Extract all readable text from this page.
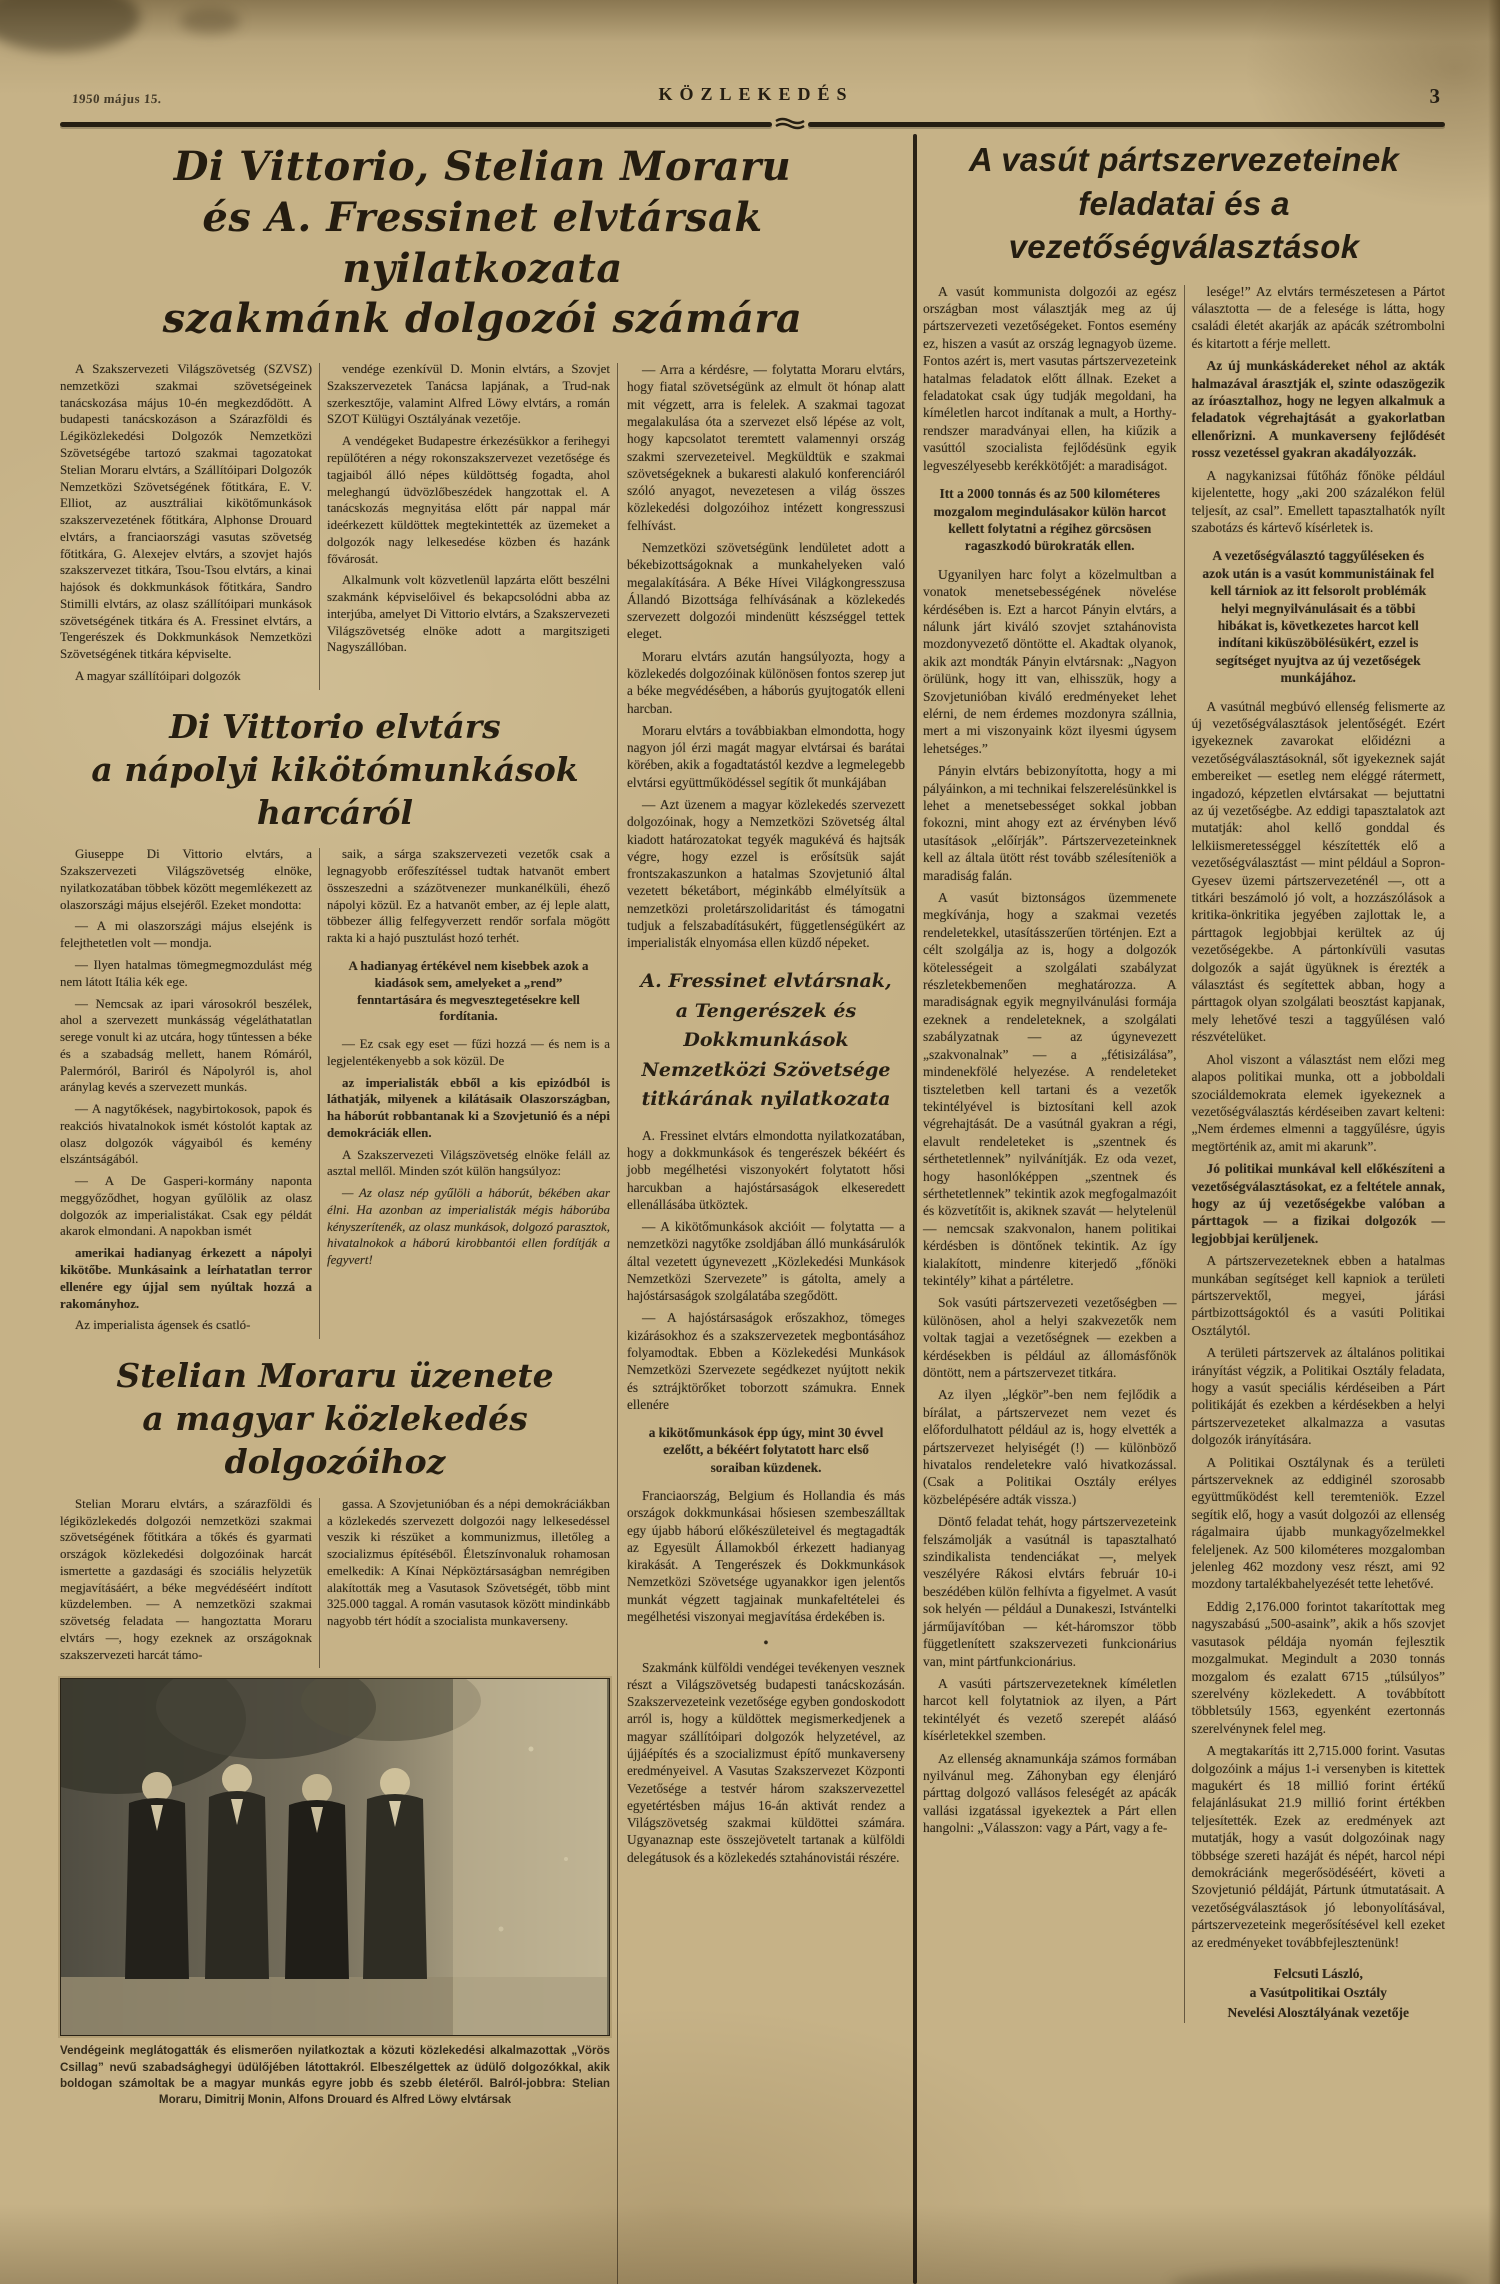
1950 május 15.	KÖZLEKEDÉS	3
Di Vittorio, Stelian Moraru
és A. Fressinet elvtársak nyilatkozata
szakmánk dolgozói számára

A Szakszervezeti Világszövetség (SZVSZ) nemzetközi szakmai szövetségeinek tanácskozása május 10-én megkezdődött. A budapesti tanácskozáson a Szárazföldi és Légiközlekedési Dolgozók Nemzetközi Szövetségébe tartozó szakmai tagozatokat Stelian Moraru elvtárs, a Szállítóipari Dolgozók Nemzetközi Szövetségének főtitkára, E. V. Elliot, az ausztráliai kikötőmunkások szakszervezetének főtitkára, Alphonse Drouard elvtárs, a franciaországi vasutas szövetség főtitkára, G. Alexejev elvtárs, a szovjet hajós szakszervezet titkára, Tsou-Tsou elvtárs, a kinai hajósok és dokkmunkások főtitkára, Sandro Stimilli elvtárs, az olasz szállítóipari munkások szövetségének titkára és A. Fressinet elvtárs, a Tengerészek és Dokkmunkások Nemzetközi Szövetségének titkára képviselte.

A magyar szállítóipari dolgozók

vendége ezenkívül D. Monin elvtárs, a Szovjet Szakszervezetek Tanácsa lapjának, a Trud-nak szerkesztője, valamint Alfred Löwy elvtárs, a román SZOT Külügyi Osztályának vezetője.

A vendégeket Budapestre érkezésükkor a ferihegyi repülőtéren a négy rokonszakszervezet vezetősége és tagjaiból álló népes küldöttség fogadta, ahol meleghangú üdvözlőbeszédek hangzottak el. A tanácskozás megnyitása előtt pár nappal már ideérkezett küldöttek megtekintették az üzemeket a dolgozók nagy lelkesedése közben és hazánk fővárosát.

Alkalmunk volt közvetlenül lapzárta előtt beszélni szakmánk képviselőivel és bekapcsolódni abba az interjúba, amelyet Di Vittorio elvtárs, a Szakszervezeti Világszövetség elnöke adott a margitszigeti Nagyszállóban.

Di Vittorio elvtárs
a nápolyi kikötómunkások harcáról

Giuseppe Di Vittorio elvtárs, a Szakszervezeti Világszövetség elnöke, nyilatkozatában többek között megemlékezett az olaszországi május elsejéről. Ezeket mondotta:

— A mi olaszországi május elsejénk is felejthetetlen volt — mondja.

— Ilyen hatalmas tömegmegmozdulást még nem látott Itália kék ege.

— Nemcsak az ipari városokról beszélek, ahol a szervezett munkásság végeláthatatlan serege vonult ki az utcára, hogy tűntessen a béke és a szabadság mellett, hanem Rómáról, Palermóról, Bariról és Nápolyról is, ahol aránylag kevés a szervezett munkás.

— A nagytőkések, nagybirtokosok, papok és reakciós hivatalnokok ismét kóstolót kaptak az olasz dolgozók vágyaiból és kemény elszántságából.

— A De Gasperi-kormány naponta meggyőződhet, hogyan gyűlölik az olasz dolgozók az imperialistákat. Csak egy példát akarok elmondani. A napokban ismét

amerikai hadianyag érkezett a nápolyi kikötőbe. Munkásaink a leírhatatlan terror ellenére egy újjal sem nyúltak hozzá a rakományhoz.

Az imperialista ágensek és csatló-

saik, a sárga szakszervezeti vezetők csak a legnagyobb erőfeszítéssel tudtak hatvanöt embert összeszedni a százötvenezer munkanélküli, éhező nápolyi közül. Ez a hatvanöt ember, az éj leple alatt, többezer állig felfegyverzett rendőr sorfala mögött rakta ki a hajó pusztulást hozó terhét.

A hadianyag értékével nem kisebbek azok a kiadások sem, amelyeket a „rend” fenntartására és megvesztegetésekre kell fordítania.

— Ez csak egy eset — fűzi hozzá — és nem is a legjelentékenyebb a sok közül. De

az imperialisták ebből a kis epizódból is láthatják, milyenek a kilátásaik Olaszországban, ha háborút robbantanak ki a Szovjetunió és a népi demokráciák ellen.

A Szakszervezeti Világszövetség elnöke feláll az asztal mellől. Minden szót külön hangsúlyoz:

— Az olasz nép gyűlöli a háborút, békében akar élni. Ha azonban az imperialisták mégis háborúba kényszerítenék, az olasz munkások, dolgozó parasztok, hivatalnokok a háború kirobbantói ellen fordítják a fegyvert!

Stelian Moraru üzenete
a magyar közlekedés dolgozóihoz

Stelian Moraru elvtárs, a szárazföldi és légiközlekedés dolgozói nemzetközi szakmai szövetségének főtitkára a tőkés és gyarmati országok közlekedési dolgozóinak harcát ismertette a gazdasági és szociális helyzetük megjavításáért, a béke megvédéséért indított küzdelemben. — A nemzetközi szakmai szövetség feladata — hangoztatta Moraru elvtárs —, hogy ezeknek az országoknak szakszervezeti harcát támo-

gassa. A Szovjetunióban és a népi demokráciákban a közlekedés szervezett dolgozói nagy lelkesedéssel veszik ki részüket a kommunizmus, illetőleg a szocializmus építéséből. Életszínvonaluk rohamosan emelkedik: A Kínai Népköztársaságban nemrégiben alakították meg a Vasutasok Szövetségét, több mint 325.000 taggal. A román vasutasok között mindinkább nagyobb tért hódít a szocialista munkaverseny.

Vendégeink meglátogatták és elismerően nyilatkoztak a közuti közlekedési alkalmazottak „Vörös Csillag” nevű szabadsághegyi üdülőjében látottakról. Elbeszélgettek az üdülő dolgozókkal, akik boldogan számoltak be a magyar munkás egyre jobb és szebb életéről. Balról-jobbra: Stelian Moraru, Dimitrij Monin, Alfons Drouard és Alfred Löwy elvtársak

— Arra a kérdésre, — folytatta Moraru elvtárs, hogy fiatal szövetségünk az elmult öt hónap alatt mit végzett, arra is felelek. A szakmai tagozat megalakulása óta a szervezet első lépése az volt, hogy kapcsolatot teremtett valamennyi ország szakmi szervezeteivel. Megküldtük e szakmai szövetségeknek a bukaresti alakuló konferenciáról szóló anyagot, nevezetesen a világ összes közlekedési dolgozóihoz intézett kongresszusi felhívást.

Nemzetközi szövetségünk lendületet adott a békebizottságoknak a munkahelyeken való megalakítására. A Béke Hívei Világkongresszusa Állandó Bizottsága felhívásának a közlekedés szervezett dolgozói mindenütt készséggel tettek eleget.

Moraru elvtárs azután hangsúlyozta, hogy a közlekedés dolgozóinak különösen fontos szerep jut a béke megvédésében, a háborús gyujtogatók elleni harcban.

Moraru elvtárs a továbbiakban elmondotta, hogy nagyon jól érzi magát magyar elvtársai és barátai körében, akik a fogadtatástól kezdve a legmelegebb elvtársi együttműködéssel segítik őt munkájában

— Azt üzenem a magyar közlekedés szervezett dolgozóinak, hogy a Nemzetközi Szövetség által kiadott határozatokat tegyék magukévá és hajtsák végre, hogy ezzel is erősítsük saját frontszakaszunkon a hatalmas Szovjetunió által vezetett béketábort, méginkább elmélyítsük a nemzetközi proletárszolidaritást és támogatni tudjuk a felszabadításukért, függetlenségükért az imperialisták elnyomása ellen küzdő népeket.

A. Fressinet elvtársnak,
a Tengerészek és Dokkmunkások
Nemzetközi Szövetsége
titkárának nyilatkozata

A. Fressinet elvtárs elmondotta nyilatkozatában, hogy a dokkmunkások és tengerészek békéért és jobb megélhetési viszonyokért folytatott hősi harcukban a hajóstársaságok elkeseredett ellenállásába ütköztek.

— A kikötőmunkások akcióit — folytatta — a nemzetközi nagytőke zsoldjában álló munkásárulók által vezetett úgynevezett „Közlekedési Munkások Nemzetközi Szervezete” is gátolta, amely a hajóstársaságok szolgálatába szegődött.

— A hajóstársaságok erőszakhoz, tömeges kizárásokhoz és a szakszervezetek megbontásához folyamodtak. Ebben a Közlekedési Munkások Nemzetközi Szervezete segédkezet nyújtott nekik és sztrájktörőket toborzott számukra. Ennek ellenére

a kikötőmunkások épp úgy, mint 30 évvel ezelőtt, a békéért folytatott harc első soraiban küzdenek.

Franciaország, Belgium és Hollandia és más országok dokkmunkásai hősiesen szembeszálltak egy újabb háború előkészületeivel és megtagadták az Egyesült Államokból érkezett hadianyag kirakását. A Tengerészek és Dokkmunkások Nemzetközi Szövetsége ugyanakkor igen jelentős munkát végzett tagjainak munkafeltételei és megélhetési viszonyai megjavítása érdekében is.

•

Szakmánk külföldi vendégei tevékenyen vesznek részt a Világszövetség budapesti tanácskozásán. Szakszervezeteink vezetősége egyben gondoskodott arról is, hogy a küldöttek megismerkedjenek a magyar szállítóipari dolgozók helyzetével, az újjáépítés és a szocializmust építő munkaverseny eredményeivel. A Vasutas Szakszervezet Központi Vezetősége a testvér három szakszervezettel egyetértésben május 16-án aktivát rendez a Világszövetség szakmai küldöttei számára. Ugyanaznap este összejövetelt tartanak a külföldi delegátusok és a közlekedés sztahánovistái részére.

A vasút pártszervezeteinek
feladatai és a vezetőségválasztások

A vasút kommunista dolgozói az egész országban most választják meg az új pártszervezeti vezetőségeket. Fontos esemény ez, hiszen a vasút az ország legnagyob üzeme. Fontos azért is, mert vasutas pártszervezeteink hatalmas feladatok előtt állnak. Ezeket a feladatokat csak úgy tudják megoldani, ha kíméletlen harcot indítanak a mult, a Horthy-rendszer maradványai ellen, ha kiűzik a vasúttól szocialista fejlődésünk egyik legveszélyesebb kerékkötőjét: a maradiságot.

Itt a 2000 tonnás és az 500 kilométeres mozgalom megindulásakor külön harcot kellett folytatni a régihez görcsösen ragaszkodó bürokraták ellen.

Ugyanilyen harc folyt a közelmultban a vonatok menetsebességének növelése kérdésében is. Ezt a harcot Pányin elvtárs, a nálunk járt kiváló szovjet sztahánovista mozdonyvezető döntötte el. Akadtak olyanok, akik azt mondták Pányin elvtársnak: „Nagyon örülünk, hogy itt van, elhisszük, hogy a Szovjetunióban kiváló eredményeket lehet elérni, de nem érdemes mozdonyra szállnia, mert a mi viszonyaink közt ilyesmi úgysem lehetséges.”

Pányin elvtárs bebizonyította, hogy a mi pályáinkon, a mi technikai felszerelésünkkel is lehet a menetsebességet sokkal jobban fokozni, mint ahogy ezt az érvényben lévő utasítások „előírják”. Pártszervezeteinknek kell az általa ütött rést tovább szélesíteniök a maradiság falán.

A vasút biztonságos üzemmenete megkívánja, hogy a szakmai vezetés rendeletekkel, utasításszerűen történjen. Ezt a célt szolgálja az is, hogy a dolgozók kötelességeit a szolgálati szabályzat részletekbemenően meghatározza. A maradiságnak egyik megnyilvánulási formája ezeknek a rendeleteknek, a szolgálati szabályzatnak — az úgynevezett „szakvonalnak” — a „fétisizálása”, mindenekfölé helyezése. A rendeleteket tiszteletben kell tartani és a vezetők tekintélyével is biztosítani kell azok végrehajtását. De a vasútnál gyakran a régi, elavult rendeleteket is „szentnek és sérthetetlennek” nyilvánítják. Ez oda vezet, hogy hasonlóképpen „szentnek és sérthetetlennek” tekintik azok megfogalmazóit és közvetítőit is, akiknek szavát — helytelenül — nemcsak szakvonalon, hanem politikai kérdésben is döntőnek tekintik. Az így kialakított, mindenre kiterjedő „főnöki tekintély” kihat a pártéletre.

Sok vasúti pártszervezeti vezetőségben — különösen, ahol a helyi szakvezetők nem voltak tagjai a vezetőségnek — ezekben a kérdésekben is például az állomásfőnök döntött, nem a pártszervezet titkára.

Az ilyen „légkör”-ben nem fejlődik a bírálat, a pártszervezet nem vezet és előfordulhatott például az is, hogy elvették a pártszervezet helyiségét (!) — különböző hivatalos rendeletekre való hivatkozással. (Csak a Politikai Osztály erélyes közbelépésére adták vissza.)

Döntő feladat tehát, hogy pártszervezeteink felszámolják a vasútnál is tapasztalható szindikalista tendenciákat —, melyek veszélyére Rákosi elvtárs február 10-i beszédében külön felhívta a figyelmet. A vasút sok helyén — például a Dunakeszi, Istvántelki járműjavítóban — két-háromszor több függetlenített szakszervezeti funkcionárius van, mint pártfunkcionárius.

A vasúti pártszervezeteknek kíméletlen harcot kell folytatniok az ilyen, a Párt tekintélyét és vezető szerepét aláásó kísérletekkel szemben.

Az ellenség aknamunkája számos formában nyilvánul meg. Záhonyban egy élenjáró párttag dolgozó vallásos feleségét az apácák vallási izgatással igyekeztek a Párt ellen hangolni: „Válasszon: vagy a Párt, vagy a fe-

lesége!” Az elvtárs természetesen a Pártot választotta — de a felesége is látta, hogy családi életét akarják az apácák szétrombolni és kitartott a férje mellett.

Az új munkáskádereket néhol az akták halmazával árasztják el, szinte odaszögezik az íróasztalhoz, hogy ne legyen alkalmuk a feladatok végrehajtását a gyakorlatban ellenőrizni. A munkaverseny fejlődését rossz vezetéssel gyakran akadályozzák.

A nagykanizsai fűtőház főnöke például kijelentette, hogy „aki 200 százalékon felül teljesít, az csal”. Emellett tapasztalhatók nyílt szabotázs és kártevő kísérletek is.

A vezetőségválasztó taggyűléseken és azok után is a vasút kommunistáinak fel kell tárniok az itt felsorolt problémák helyi megnyilvánulásait és a többi hibákat is, következetes harcot kell indítani kiküszöbölésükért, ezzel is segítséget nyujtva az új vezetőségek munkájához.

A vasútnál megbúvó ellenség felismerte az új vezetőségválasztások jelentőségét. Ezért igyekeznek zavarokat előidézni a vezetőségválasztásoknál, sőt igyekeznek saját embereiket — esetleg nem eléggé rátermett, ingadozó, képzetlen elvtársakat — bejuttatni az új vezetőségbe. Az eddigi tapasztalatok azt mutatják: ahol kellő gonddal és lelkiismeretességgel készítették elő a vezetőségválasztást — mint például a Sopron-Gyesev üzemi pártszervezeténél —, ott a titkári beszámoló jó volt, a hozzászólások a kritika-önkritika jegyében zajlottak le, a párttagok legjobbjai kerültek az új vezetőségekbe. A pártonkívüli vasutas dolgozók a saját ügyüknek is érezték a választást és segítettek abban, hogy a párttagok olyan szolgálati beosztást kapjanak, mely lehetővé teszi a taggyűlésen való részvételüket.

Ahol viszont a választást nem előzi meg alapos politikai munka, ott a jobboldali szociáldemokrata elemek igyekeznek a vezetőségválasztás kérdéseiben zavart kelteni: „Nem érdemes elmenni a taggyűlésre, úgyis megtörténik az, amit mi akarunk”.

Jó politikai munkával kell előkészíteni a vezetőségválasztásokat, ez a feltétele annak, hogy az új vezetőségekbe valóban a párttagok — a fizikai dolgozók — legjobbjai kerüljenek.

A pártszervezeteknek ebben a hatalmas munkában segítséget kell kapniok a területi pártszervektől, megyei, járási pártbizottságoktól és a vasúti Politikai Osztálytól.

A területi pártszervek az általános politikai irányítást végzik, a Politikai Osztály feladata, hogy a vasút speciális kérdéseiben a Párt politikáját és ezekben a kérdésekben a helyi pártszervezeteket alkalmazza a vasutas dolgozók irányítására.

A Politikai Osztálynak és a területi pártszerveknek az eddiginél szorosabb együttműködést kell teremteniök. Ezzel segítik elő, hogy a vasút dolgozói az ellenség rágalmaira újabb munkagyőzelmekkel feleljenek. Az 500 kilométeres mozgalomban jelenleg 462 mozdony vesz részt, ami 92 mozdony tartalékbahelyezését tette lehetővé.

Eddig 2,176.000 forintot takarítottak meg nagyszabású „500-asaink”, akik a hős szovjet vasutasok példája nyomán fejlesztik mozgalmukat. Megindult a 2030 tonnás mozgalom és ezalatt 6715 „túlsúlyos” szerelvény közlekedett. A továbbított többletsúly 1563, egyenként ezertonnás szerelvénynek felel meg.

A megtakarítás itt 2,715.000 forint. Vasutas dolgozóink a május 1-i versenyben is kitettek magukért és 18 millió forint értékű felajánlásukat 21.9 millió forint értékben teljesítették. Ezek az eredmények azt mutatják, hogy a vasút dolgozóinak nagy többsége szereti hazáját és népét, harcol népi demokráciánk megerősödéséért, követi a Szovjetunió példáját, Pártunk útmutatásait. A vezetőségválasztások jó lebonyolításával, pártszervezeteink megerősítésével kell ezeket az eredményeket továbbfejlesztenünk!

Felcsuti László,

a Vasútpolitikai Osztály

Nevelési Alosztályának vezetője
